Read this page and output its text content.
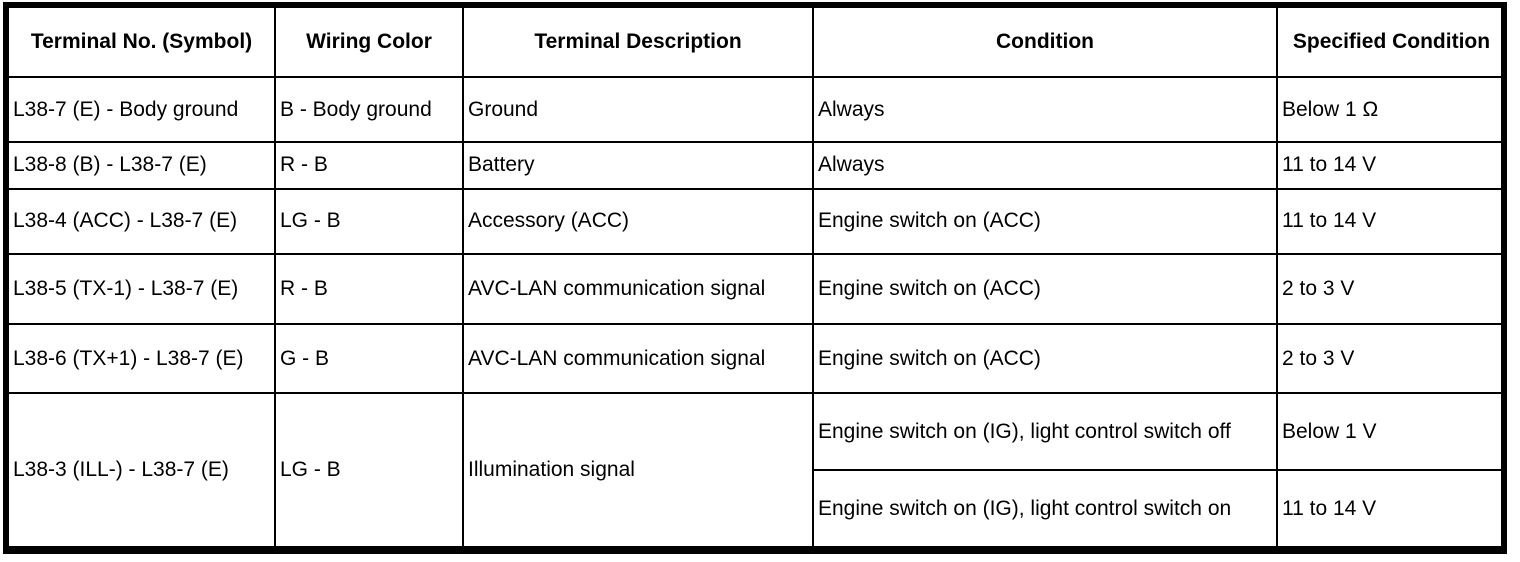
Terminal No. (Symbol)	Wiring Color	Terminal Description	Condition	Specified Condition
L38-7 (E) - Body ground	B - Body ground	Ground	Always	Below 1 Ω
L38-8 (B) - L38-7 (E)	R - B	Battery	Always	11 to 14 V
L38-4 (ACC) - L38-7 (E)	LG - B	Accessory (ACC)	Engine switch on (ACC)	11 to 14 V
L38-5 (TX-1) - L38-7 (E)	R - B	AVC-LAN communication signal	Engine switch on (ACC)	2 to 3 V
L38-6 (TX+1) - L38-7 (E)	G - B	AVC-LAN communication signal	Engine switch on (ACC)	2 to 3 V
L38-3 (ILL-) - L38-7 (E)	LG - B	Illumination signal	Engine switch on (IG), light control switch off	Below 1 V
			Engine switch on (IG), light control switch on	11 to 14 V
